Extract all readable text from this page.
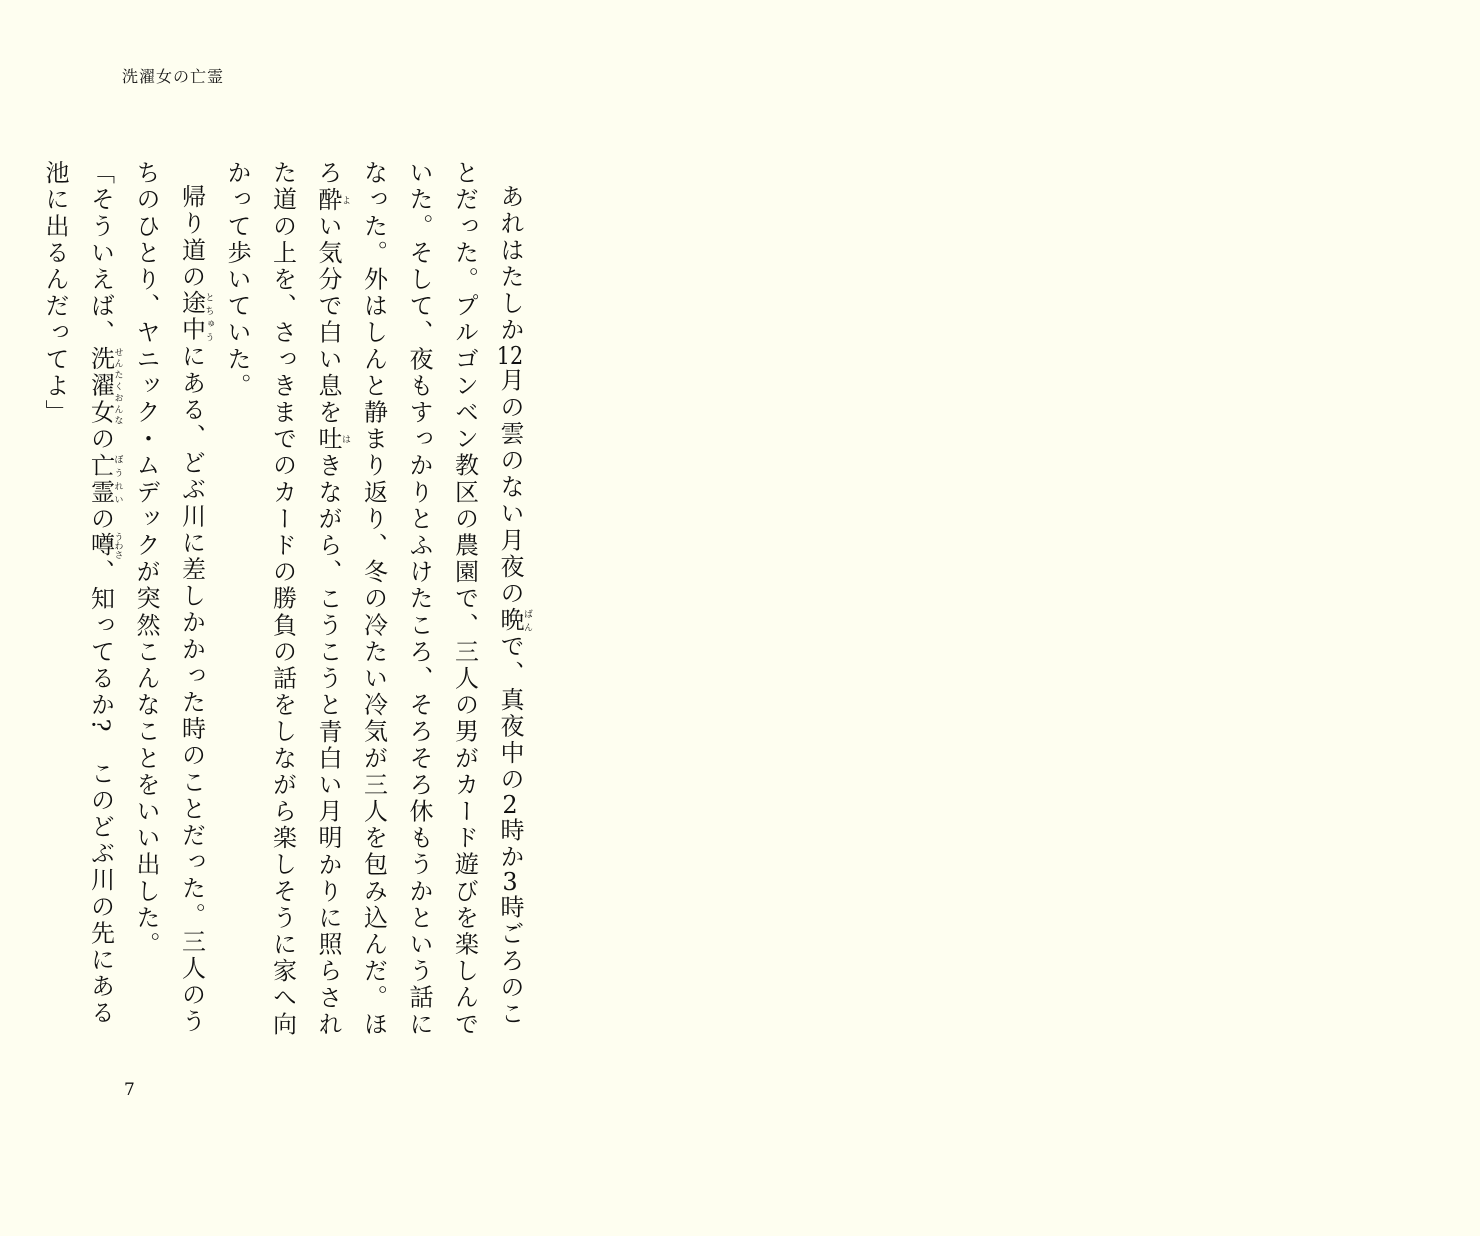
洗濯女の亡霊

あれはたしか12月の雲のない月夜の晩ばんで、真夜中の2時か3時ごろのことだった。プルゴンベン教区の農園で、三人の男がカード遊びを楽しんでいた。そして、夜もすっかりとふけたころ、そろそろ休もうかという話になった。外はしんと静まり返り、冬の冷たい冷気が三人を包み込んだ。ほろ酔よい気分で白い息を吐はきながら、こうこうと青白い月明かりに照らされた道の上を、さっきまでのカードの勝負の話をしながら楽しそうに家へ向かって歩いていた。

帰り道の途中とちゅうにある、どぶ川に差しかかった時のことだった。三人のうちのひとり、ヤニック・ムデックが突然こんなことをいい出した。

「そういえば、洗濯女せんたくおんなの亡霊ぼうれいの噂うわさ、知ってるか?　このどぶ川の先にある池に出るんだってよ」

7
